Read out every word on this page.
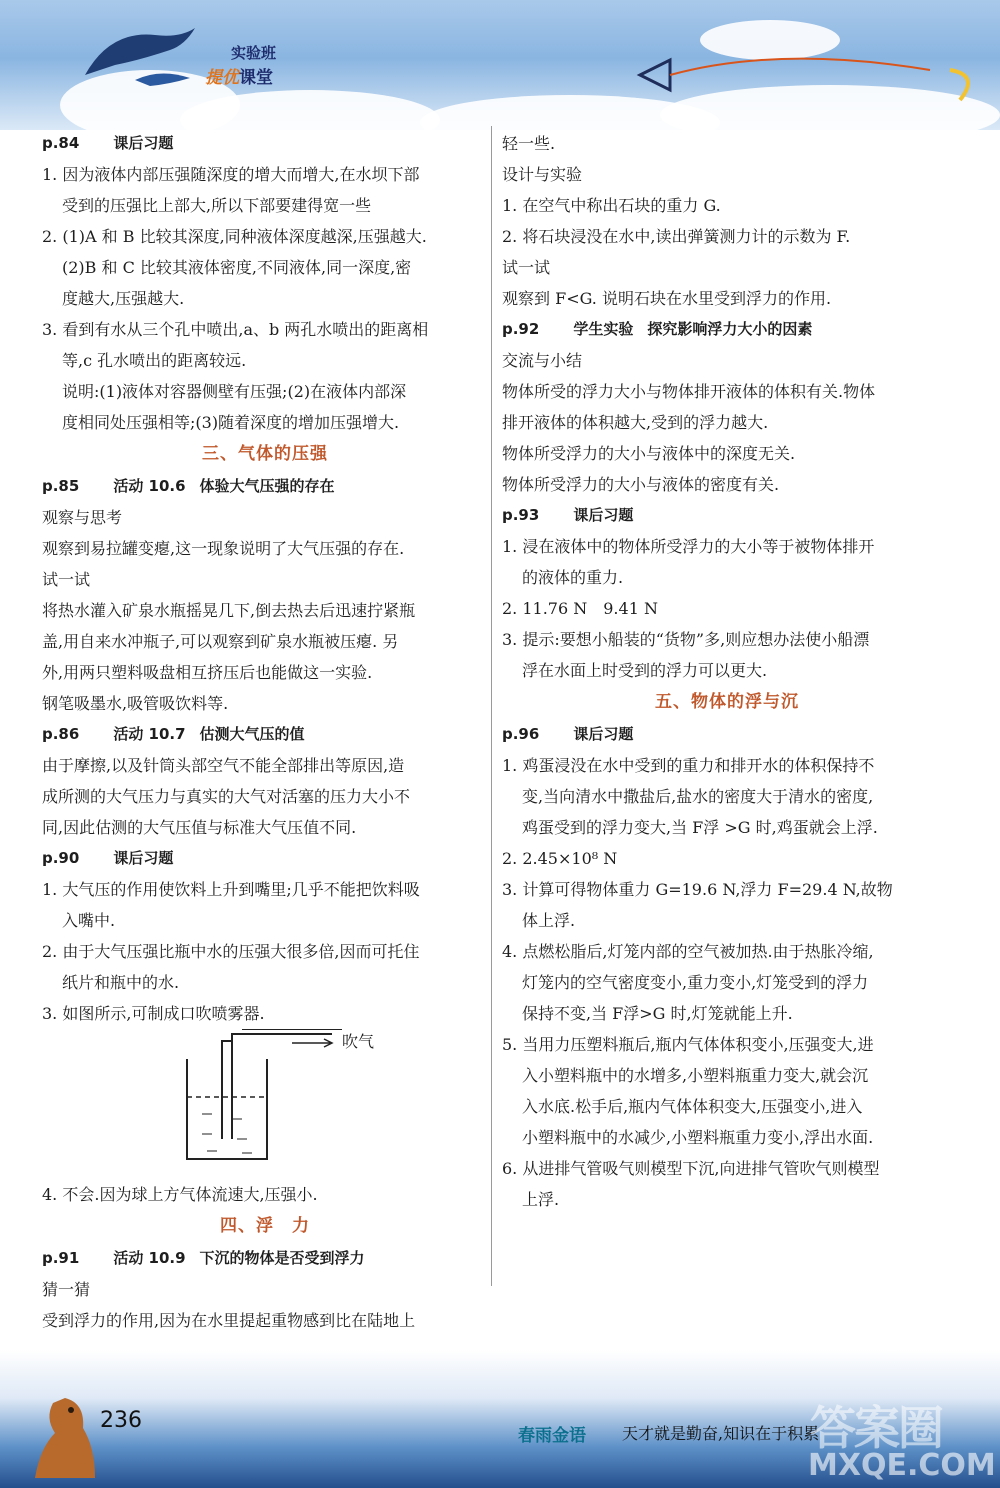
实验班
提优课堂
p.84 课后习题
1. 因为液体内部压强随深度的增大而增大,在水坝下部
受到的压强比上部大,所以下部要建得宽一些
2. (1)A 和 B 比较其深度,同种液体深度越深,压强越大.
(2)B 和 C 比较其液体密度,不同液体,同一深度,密
度越大,压强越大.
3. 看到有水从三个孔中喷出,a、b 两孔水喷出的距离相
等,c 孔水喷出的距离较远.
说明:(1)液体对容器侧壁有压强;(2)在液体内部深
度相同处压强相等;(3)随着深度的增加压强增大.
三、气体的压强
p.85 活动 10.6 体验大气压强的存在
观察与思考
观察到易拉罐变瘪,这一现象说明了大气压强的存在.
试一试
将热水灌入矿泉水瓶摇晃几下,倒去热去后迅速拧紧瓶
盖,用自来水冲瓶子,可以观察到矿泉水瓶被压瘪. 另
外,用两只塑料吸盘相互挤压后也能做这一实验.
钢笔吸墨水,吸管吸饮料等.
p.86 活动 10.7 估测大气压的值
由于摩擦,以及针筒头部空气不能全部排出等原因,造
成所测的大气压力与真实的大气对活塞的压力大小不
同,因此估测的大气压值与标准大气压值不同.
p.90 课后习题
1. 大气压的作用使饮料上升到嘴里;几乎不能把饮料吸
入嘴中.
2. 由于大气压强比瓶中水的压强大很多倍,因而可托住
纸片和瓶中的水.
3. 如图所示,可制成口吹喷雾器.
吹气
4. 不会.因为球上方气体流速大,压强小.
四、浮　力
p.91 活动 10.9 下沉的物体是否受到浮力
猜一猜
受到浮力的作用,因为在水里提起重物感到比在陆地上
轻一些.
设计与实验
1. 在空气中称出石块的重力 G.
2. 将石块浸没在水中,读出弹簧测力计的示数为 F.
试一试
观察到 F<G. 说明石块在水里受到浮力的作用.
p.92 学生实验 探究影响浮力大小的因素
交流与小结
物体所受的浮力大小与物体排开液体的体积有关.物体
排开液体的体积越大,受到的浮力越大.
物体所受浮力的大小与液体中的深度无关.
物体所受浮力的大小与液体的密度有关.
p.93 课后习题
1. 浸在液体中的物体所受浮力的大小等于被物体排开
的液体的重力.
2. 11.76 N　9.41 N
3. 提示:要想小船装的“货物”多,则应想办法使小船漂
浮在水面上时受到的浮力可以更大.
五、物体的浮与沉
p.96 课后习题
1. 鸡蛋浸没在水中受到的重力和排开水的体积保持不
变,当向清水中撒盐后,盐水的密度大于清水的密度,
鸡蛋受到的浮力变大,当 F浮 >G 时,鸡蛋就会上浮.
2. 2.45×10⁸ N
3. 计算可得物体重力 G=19.6 N,浮力 F=29.4 N,故物
体上浮.
4. 点燃松脂后,灯笼内部的空气被加热.由于热胀冷缩,
灯笼内的空气密度变小,重力变小,灯笼受到的浮力
保持不变,当 F浮>G 时,灯笼就能上升.
5. 当用力压塑料瓶后,瓶内气体体积变小,压强变大,进
入小塑料瓶中的水增多,小塑料瓶重力变大,就会沉
入水底.松手后,瓶内气体体积变大,压强变小,进入
小塑料瓶中的水减少,小塑料瓶重力变小,浮出水面.
6. 从进排气管吸气则模型下沉,向进排气管吹气则模型
上浮.
236
春雨金语 天才就是勤奋,知识在于积累
答案圈
MXQE.COM
